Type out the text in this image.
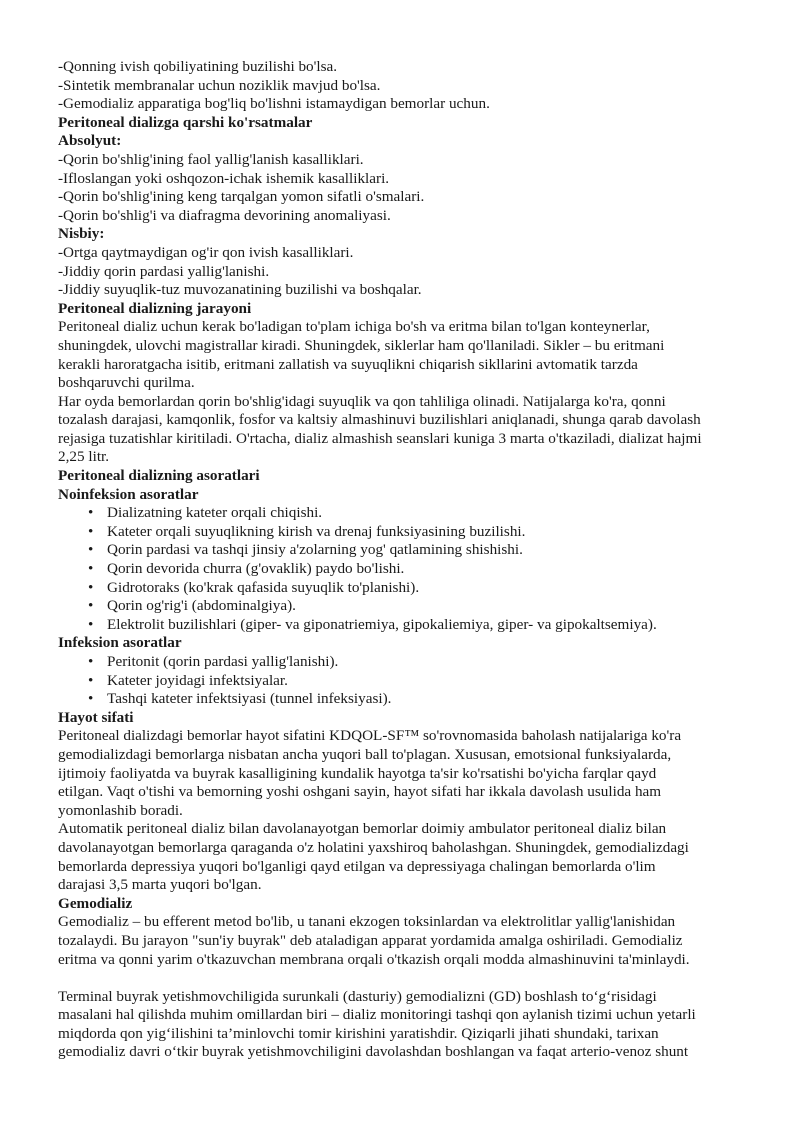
-Qonning ivish qobiliyatining buzilishi bo'lsa.
-Sintetik membranalar uchun noziklik mavjud bo'lsa.
-Gemodializ apparatiga bog'liq bo'lishni istamaydigan bemorlar uchun.
Peritoneal dializga qarshi ko'rsatmalar
Absolyut:
-Qorin bo'shlig'ining faol yallig'lanish kasalliklari.
-Ifloslangan yoki oshqozon-ichak ishemik kasalliklari.
-Qorin bo'shlig'ining keng tarqalgan yomon sifatli o'smalari.
-Qorin bo'shlig'i va diafragma devorining anomaliyasi.
Nisbiy:
-Ortga qaytmaydigan og'ir qon ivish kasalliklari.
-Jiddiy qorin pardasi yallig'lanishi.
-Jiddiy suyuqlik-tuz muvozanatining buzilishi va boshqalar.
Peritoneal dializning jarayoni
Peritoneal dializ uchun kerak bo'ladigan to'plam ichiga bo'sh va eritma bilan to'lgan konteynerlar,
shuningdek, ulovchi magistrallar kiradi. Shuningdek, siklerlar ham qo'llaniladi. Sikler – bu eritmani
kerakli haroratgacha isitib, eritmani zallatish va suyuqlikni chiqarish sikllarini avtomatik tarzda
boshqaruvchi qurilma.
Har oyda bemorlardan qorin bo'shlig'idagi suyuqlik va qon tahliliga olinadi. Natijalarga ko'ra, qonni
tozalash darajasi, kamqonlik, fosfor va kaltsiy almashinuvi buzilishlari aniqlanadi, shunga qarab davolash
rejasiga tuzatishlar kiritiladi. O'rtacha, dializ almashish seanslari kuniga 3 marta o'tkaziladi, dializat hajmi
2,25 litr.
Peritoneal dializning asoratlari
Noinfeksion asoratlar
• Dializatning kateter orqali chiqishi.
• Kateter orqali suyuqlikning kirish va drenaj funksiyasining buzilishi.
• Qorin pardasi va tashqi jinsiy a'zolarning yog' qatlamining shishishi.
• Qorin devorida churra (g'ovaklik) paydo bo'lishi.
• Gidrotoraks (ko'krak qafasida suyuqlik to'planishi).
• Qorin og'rig'i (abdominalgiya).
• Elektrolit buzilishlari (giper- va giponatriemiya, gipokaliemiya, giper- va gipokaltsemiya).
Infeksion asoratlar
• Peritonit (qorin pardasi yallig'lanishi).
• Kateter joyidagi infektsiyalar.
• Tashqi kateter infektsiyasi (tunnel infeksiyasi).
Hayot sifati
Peritoneal dializdagi bemorlar hayot sifatini KDQOL-SF™ so'rovnomasida baholash natijalariga ko'ra
gemodializdagi bemorlarga nisbatan ancha yuqori ball to'plagan. Xususan, emotsional funksiyalarda,
ijtimoiy faoliyatda va buyrak kasalligining kundalik hayotga ta'sir ko'rsatishi bo'yicha farqlar qayd
etilgan. Vaqt o'tishi va bemorning yoshi oshgani sayin, hayot sifati har ikkala davolash usulida ham
yomonlashib boradi.
Automatik peritoneal dializ bilan davolanayotgan bemorlar doimiy ambulator peritoneal dializ bilan
davolanayotgan bemorlarga qaraganda o'z holatini yaxshiroq baholashgan. Shuningdek, gemodializdagi
bemorlarda depressiya yuqori bo'lganligi qayd etilgan va depressiyaga chalingan bemorlarda o'lim
darajasi 3,5 marta yuqori bo'lgan.
Gemodializ
Gemodializ – bu efferent metod bo'lib, u tanani ekzogen toksinlardan va elektrolitlar yallig'lanishidan
tozalaydi. Bu jarayon "sun'iy buyrak" deb ataladigan apparat yordamida amalga oshiriladi. Gemodializ
eritma va qonni yarim o'tkazuvchan membrana orqali o'tkazish orqali modda almashinuvini ta'minlaydi.
Terminal buyrak yetishmovchiligida surunkali (dasturiy) gemodializni (GD) boshlash to‘g‘risidagi
masalani hal qilishda muhim omillardan biri – dializ monitoringi tashqi qon aylanish tizimi uchun yetarli
miqdorda qon yig‘ilishini ta’minlovchi tomir kirishini yaratishdir. Qiziqarli jihati shundaki, tarixan
gemodializ davri o‘tkir buyrak yetishmovchiligini davolashdan boshlangan va faqat arterio-venoz shunt
